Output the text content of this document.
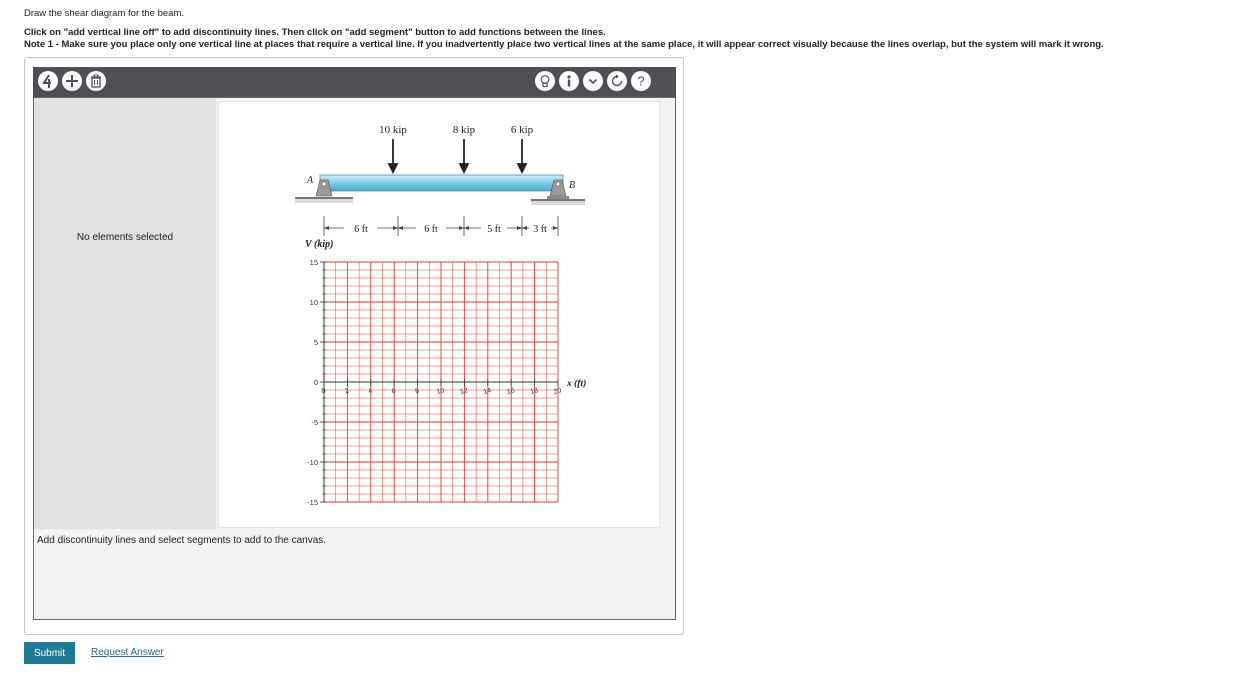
Draw the shear diagram for the beam.
Click on "add vertical line off" to add discontinuity lines. Then click on "add segment" button to add functions between the lines.
Note 1 - Make sure you place only one vertical line at places that require a vertical line. If you inadvertently place two vertical lines at the same place, it will appear correct visually because the lines overlap, but the system will mark it wrong.
?
No elements selected
10 kip	8 kip	6 kip
A	B
6 ft	6 ft	5 ft	3 ft
V (kip)
x (ft)
15
10
5
0
-5
-10
-15
0	2	4	6	8 10 12 14 16 18 20
Add discontinuity lines and select segments to add to the canvas.
Submit	Request Answer
